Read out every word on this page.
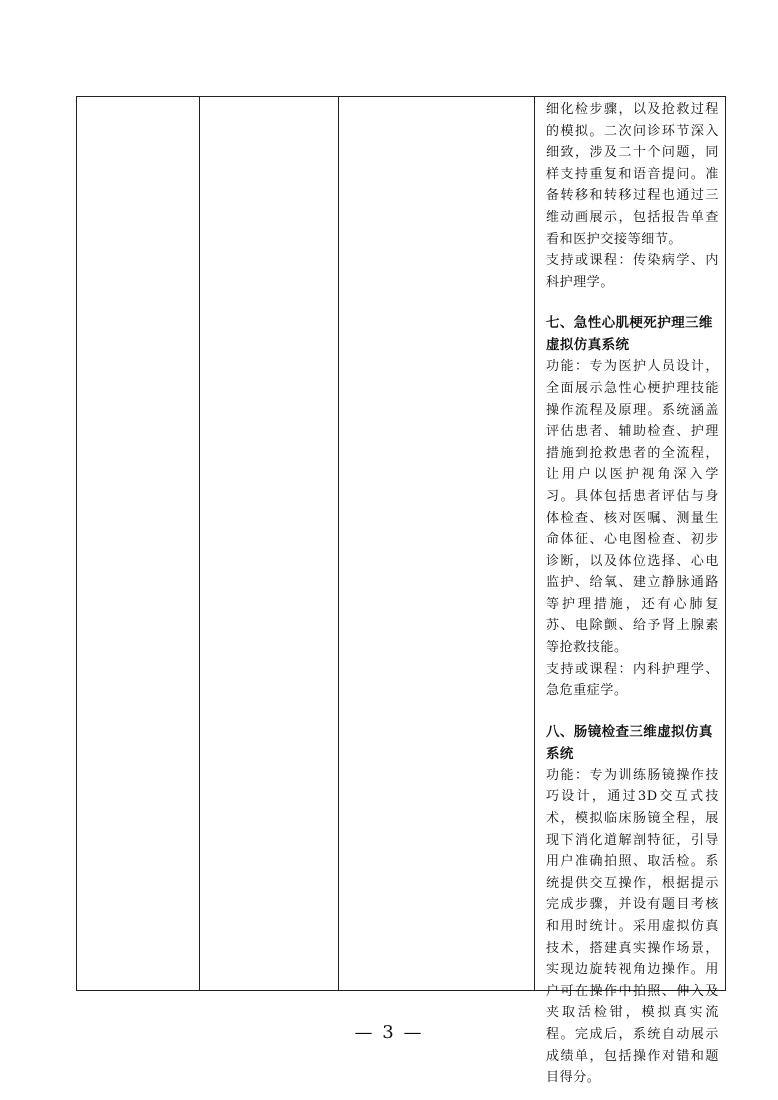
细化检步骤，以及抢救过程的模拟。二次问诊环节深入细致，涉及二十个问题，同样支持重复和语音提问。准备转移和转移过程也通过三维动画展示，包括报告单查看和医护交接等细节。

支持或课程：传染病学、内科护理学。

七、急性心肌梗死护理三维虚拟仿真系统

功能：专为医护人员设计，全面展示急性心梗护理技能操作流程及原理。系统涵盖评估患者、辅助检查、护理措施到抢救患者的全流程，让用户以医护视角深入学习。具体包括患者评估与身体检查、核对医嘱、测量生命体征、心电图检查、初步诊断，以及体位选择、心电监护、给氧、建立静脉通路等护理措施，还有心肺复苏、电除颤、给予肾上腺素等抢救技能。

支持或课程：内科护理学、急危重症学。

八、肠镜检查三维虚拟仿真系统

功能：专为训练肠镜操作技巧设计，通过3D交互式技术，模拟临床肠镜全程，展现下消化道解剖特征，引导用户准确拍照、取活检。系统提供交互操作，根据提示完成步骤，并设有题目考核和用时统计。采用虚拟仿真技术，搭建真实操作场景，实现边旋转视角边操作。用户可在操作中拍照、伸入及夹取活检钳，模拟真实流程。完成后，系统自动展示成绩单，包括操作对错和题目得分。

— 3 —
